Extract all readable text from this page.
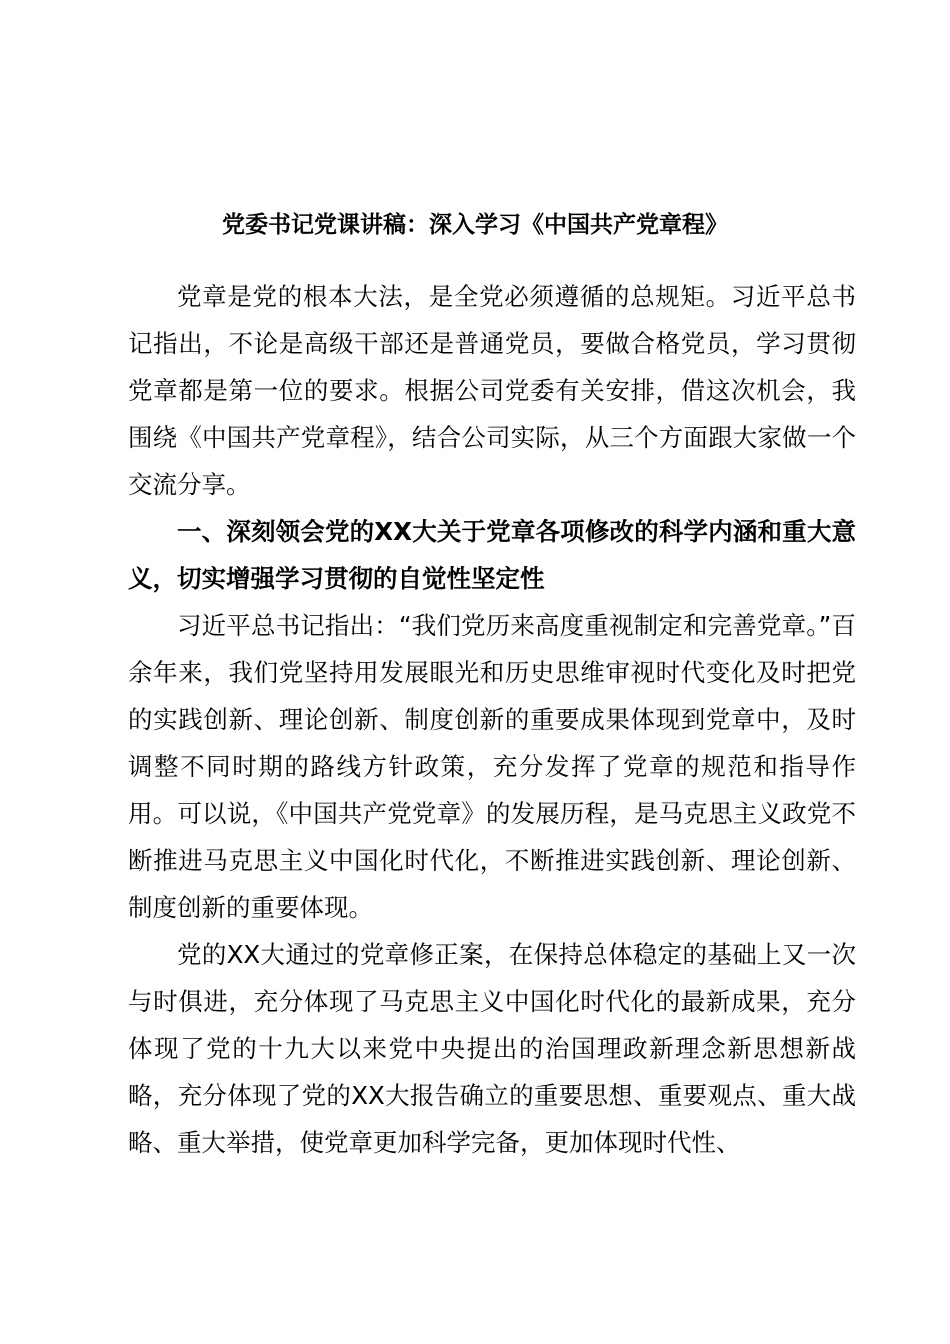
党委书记党课讲稿：深入学习《中国共产党章程》

党章是党的根本大法，是全党必须遵循的总规矩。习近平总书记指出，不论是高级干部还是普通党员，要做合格党员，学习贯彻党章都是第一位的要求。根据公司党委有关安排，借这次机会，我围绕《中国共产党章程》，结合公司实际，从三个方面跟大家做一个交流分享。

一、深刻领会党的XX大关于党章各项修改的科学内涵和重大意义，切实增强学习贯彻的自觉性坚定性

习近平总书记指出：“我们党历来高度重视制定和完善党章。”百余年来，我们党坚持用发展眼光和历史思维审视时代变化及时把党的实践创新、理论创新、制度创新的重要成果体现到党章中，及时调整不同时期的路线方针政策，充分发挥了党章的规范和指导作用。可以说，《中国共产党党章》的发展历程，是马克思主义政党不断推进马克思主义中国化时代化，不断推进实践创新、理论创新、制度创新的重要体现。

党的XX大通过的党章修正案，在保持总体稳定的基础上又一次与时俱进，充分体现了马克思主义中国化时代化的最新成果，充分体现了党的十九大以来党中央提出的治国理政新理念新思想新战略，充分体现了党的XX大报告确立的重要思想、重要观点、重大战略、重大举措，使党章更加科学完备，更加体现时代性、
